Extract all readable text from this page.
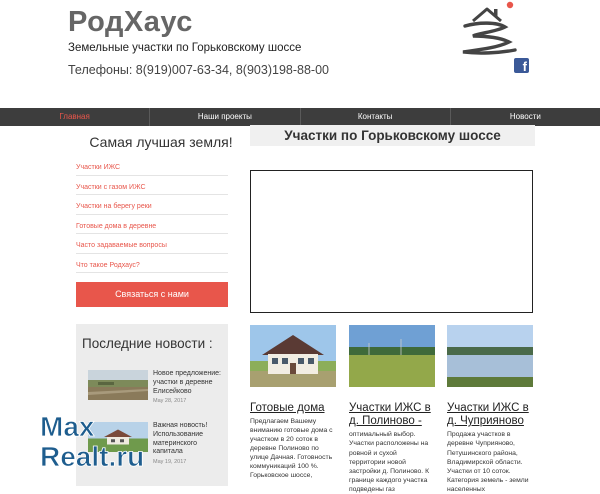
РодХаус
Земельные участки по Горьковскому шоссе
Телефоны: 8(919)007-63-34, 8(903)198-88-00	f
Главная	Наши проекты	Контакты	Новости
Самая лучшая земля!
Участки ИЖС
Участки с газом ИЖС
Участки на берегу реки
Готовые дома в деревне
Часто задаваемые вопросы
Что такое Родхаус?
Связаться с нами
Последние новости :
Новое предложение: участки в деревне Елисейково
May 28, 2017
Важная новость! Использование материнского капитала
May 19, 2017
Участки по Горьковскому шоссе
Готовые дома
Предлагаем Вашему вниманию готовые дома с участком в 20 соток в деревне Полиново по улице Дачная. Готовность коммуникаций 100 %. Горьковское шоссе,
Участки ИЖС в д. Полиново -
оптимальный выбор. Участки расположены на ровной и сухой территории новой застройки д. Полиново. К границе каждого участка подведены газ
Участки ИЖС в д. Чуприяново
Продажа участков в деревне Чуприяново, Петушинского района, Владимирской области. Участки от 10 соток. Категория земель - земли населенных
Max
Realt.ru
